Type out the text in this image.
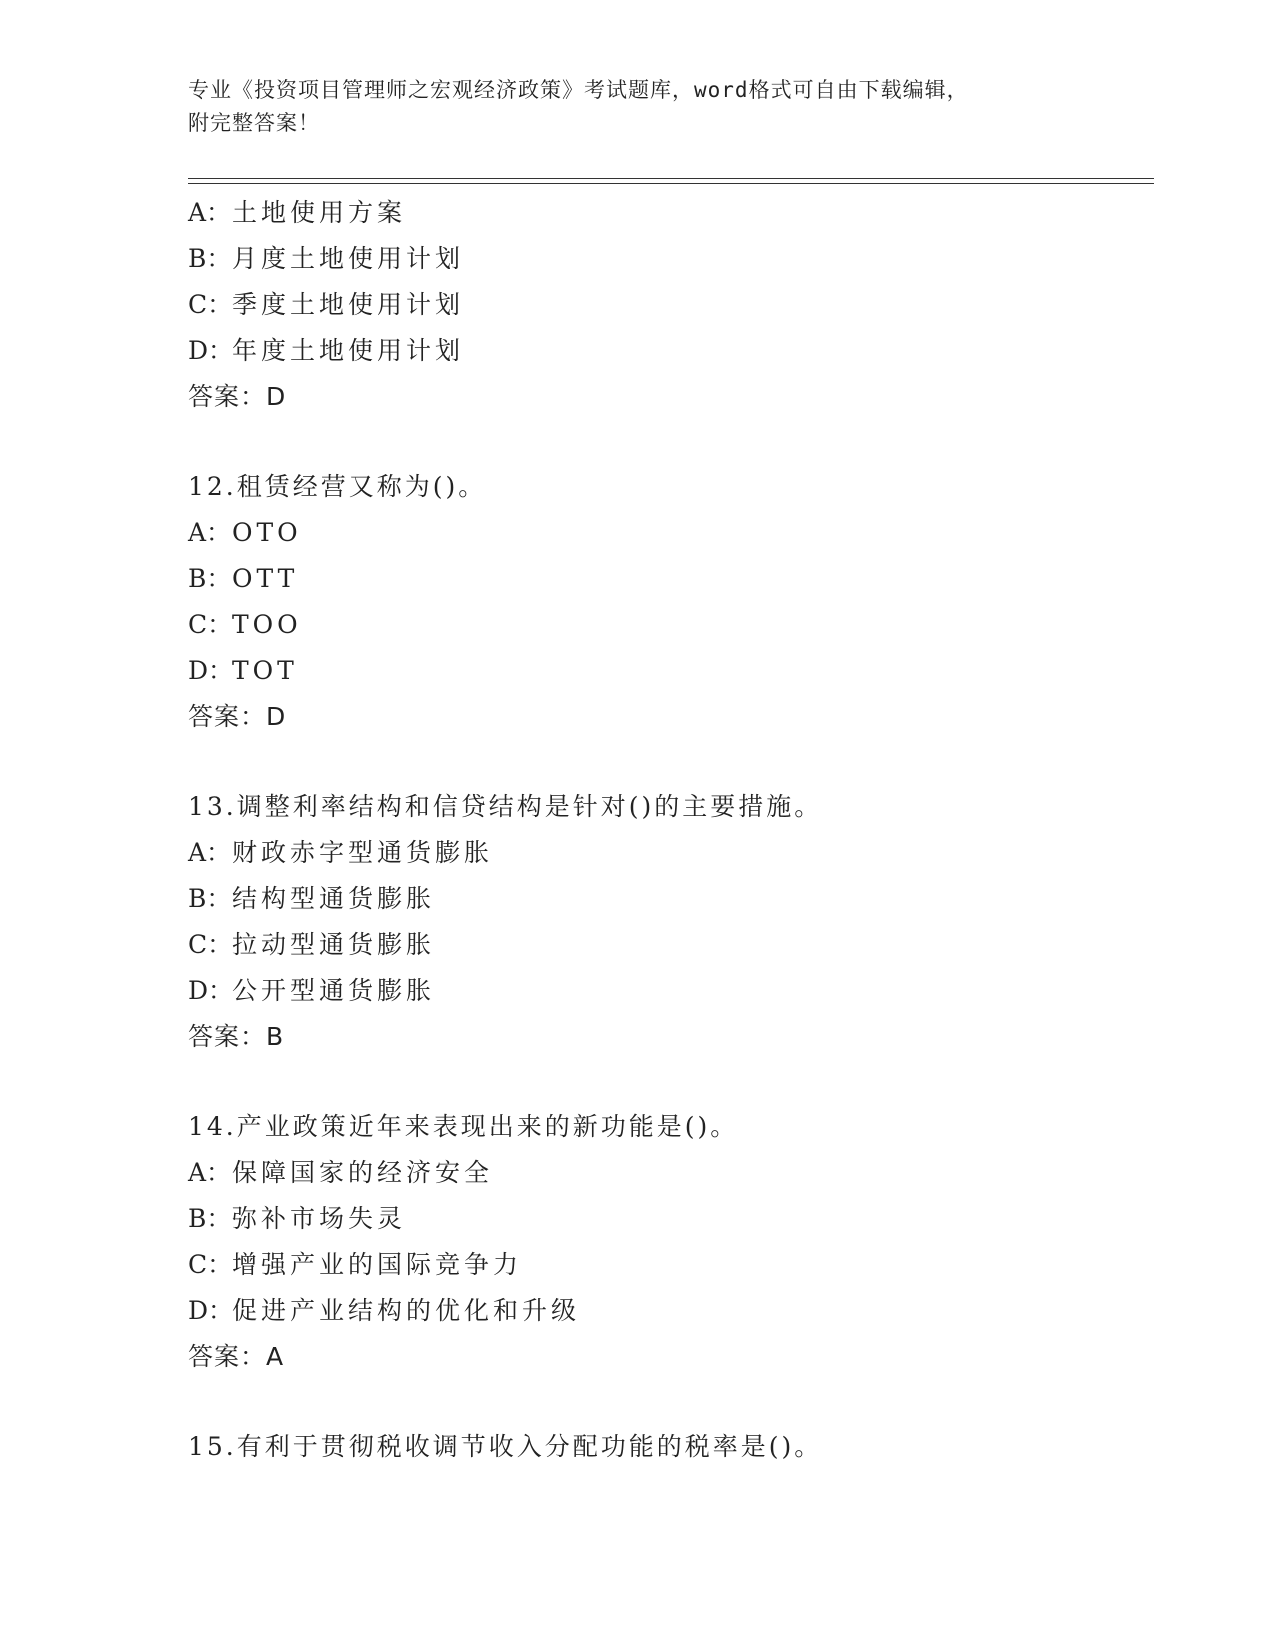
专业《投资项目管理师之宏观经济政策》考试题库，word格式可自由下载编辑，
附完整答案！
A：土地使用方案
B：月度土地使用计划
C：季度土地使用计划
D：年度土地使用计划
答案：D
12.租赁经营又称为()。
A：OTO
B：OTT
C：TOO
D：TOT
答案：D
13.调整利率结构和信贷结构是针对()的主要措施。
A：财政赤字型通货膨胀
B：结构型通货膨胀
C：拉动型通货膨胀
D：公开型通货膨胀
答案：B
14.产业政策近年来表现出来的新功能是()。
A：保障国家的经济安全
B：弥补市场失灵
C：增强产业的国际竞争力
D：促进产业结构的优化和升级
答案：A
15.有利于贯彻税收调节收入分配功能的税率是()。
